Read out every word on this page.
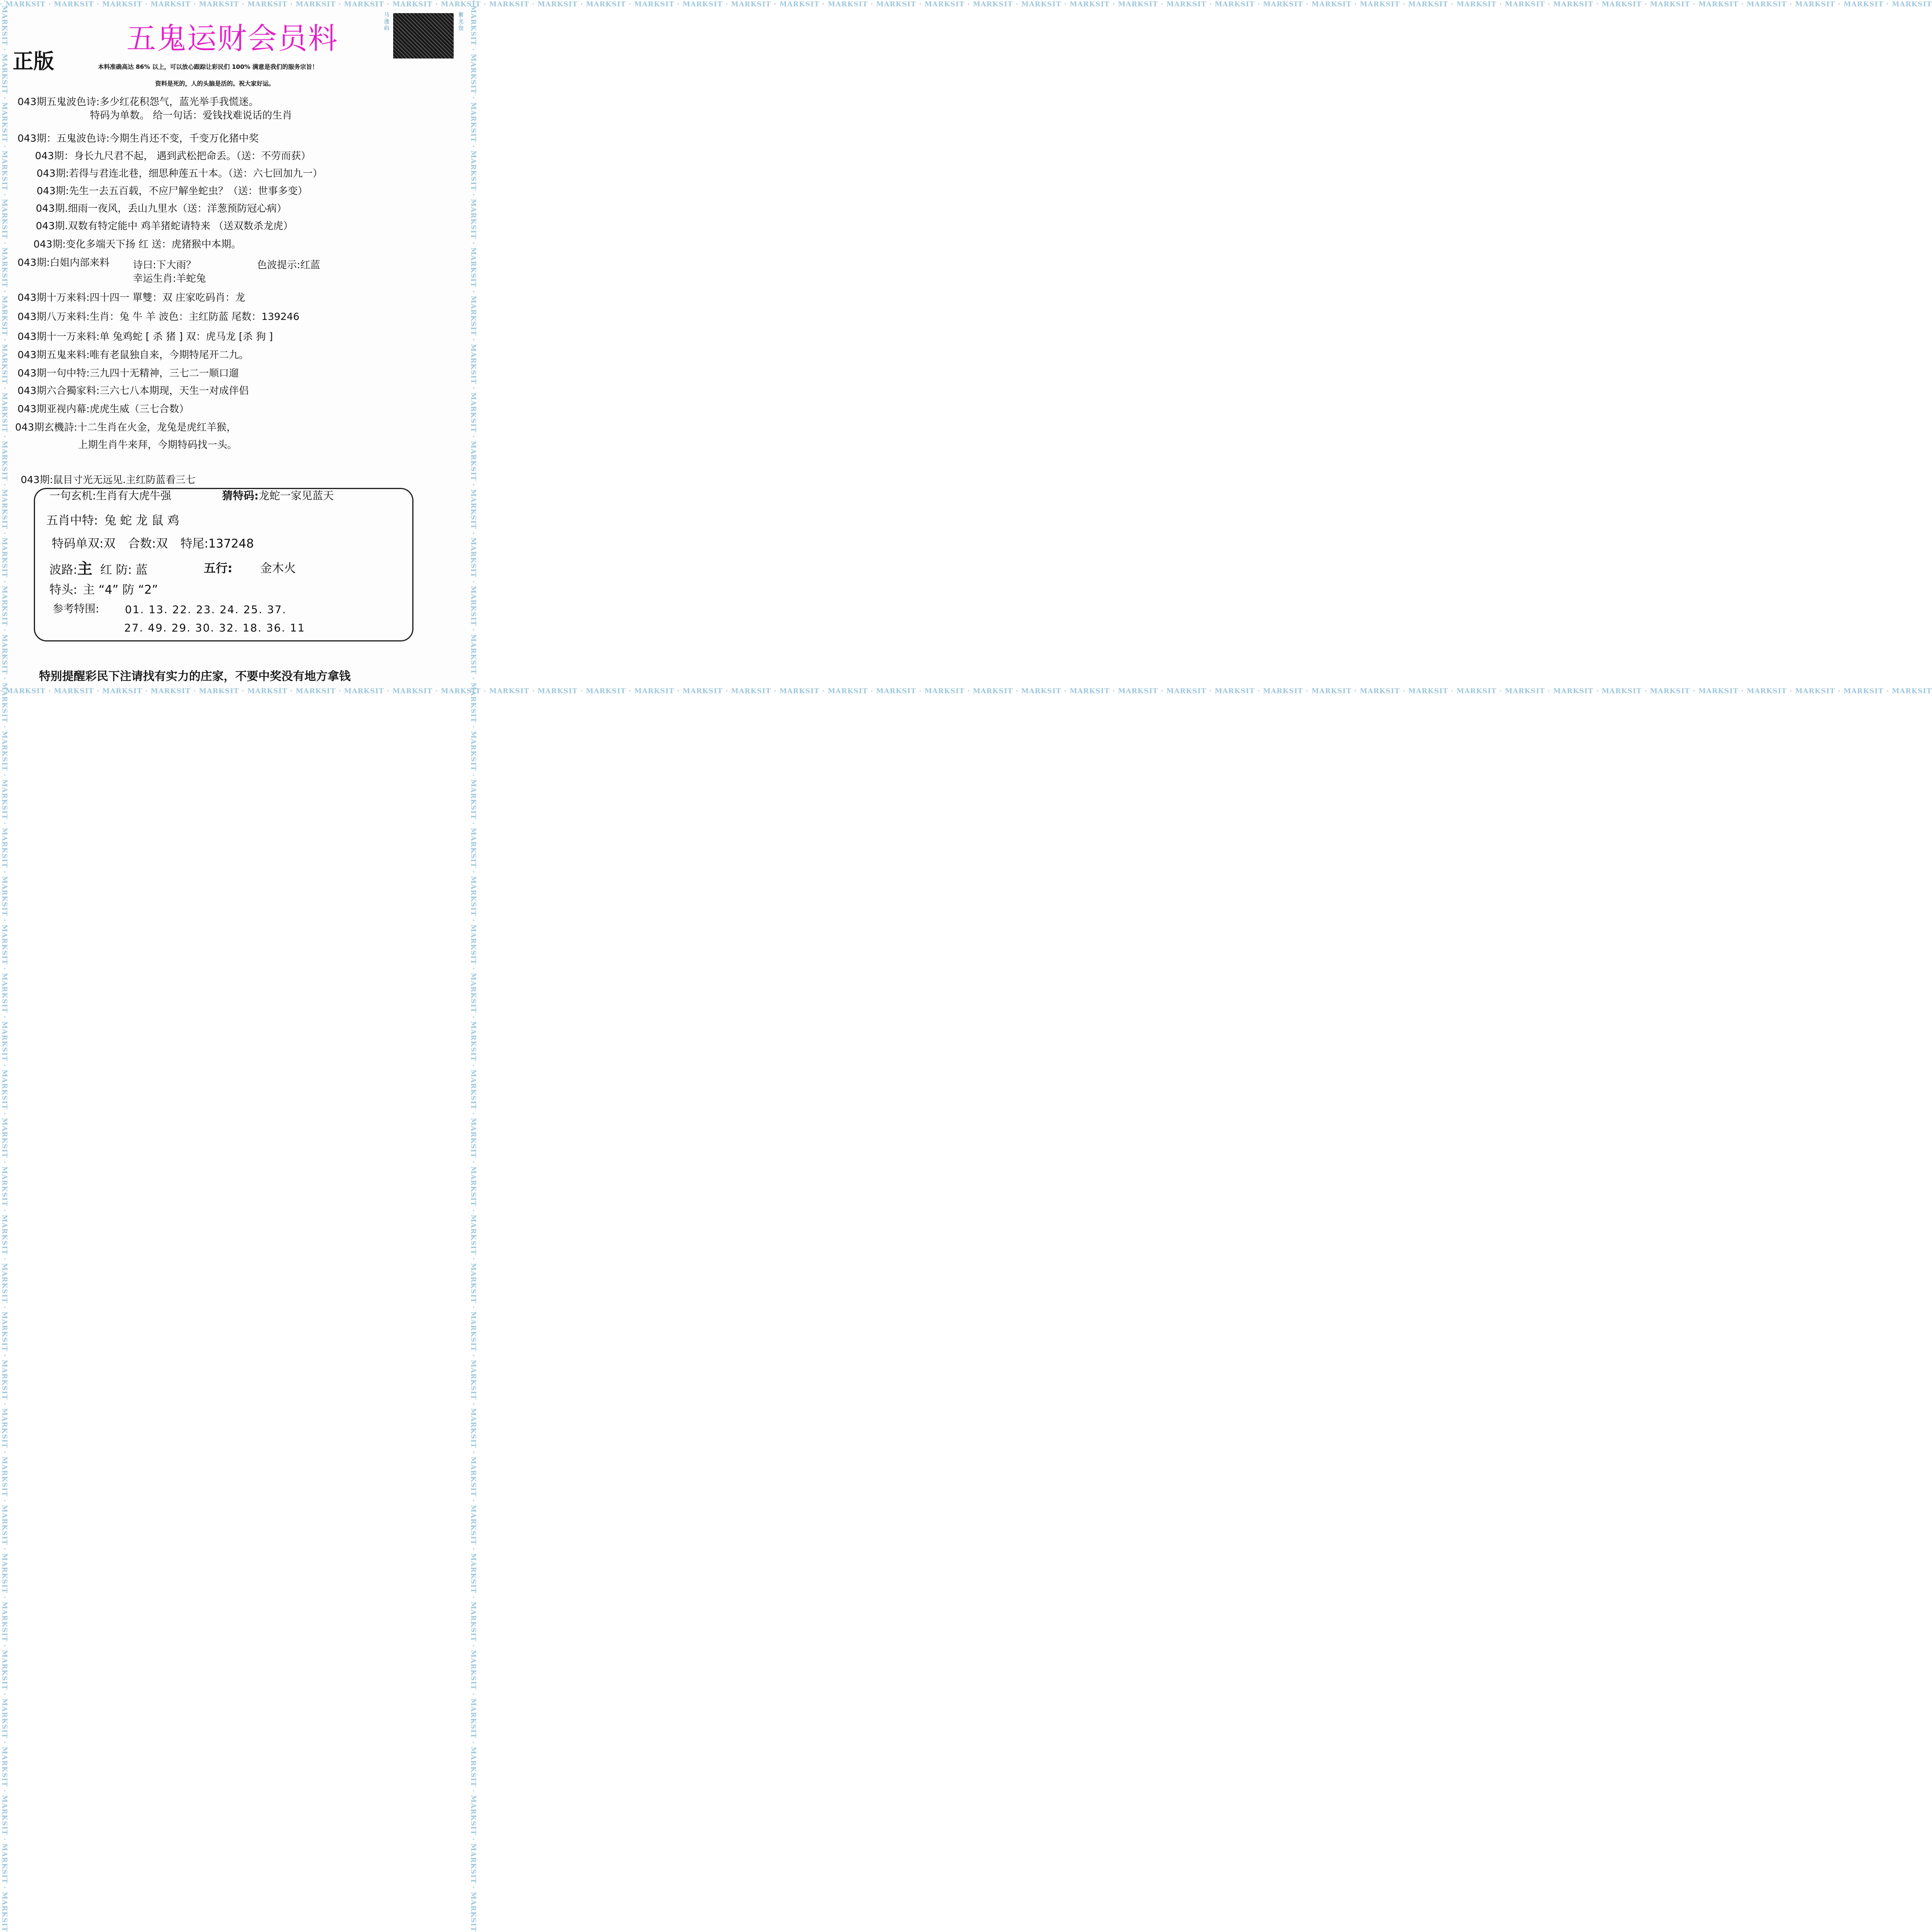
· MARKSIT · MARKSIT · MARKSIT · MARKSIT · MARKSIT · MARKSIT · MARKSIT · MARKSIT · MARKSIT · MARKSIT · MARKSIT · MARKSIT · MARKSIT · MARKSIT · MARKSIT · MARKSIT · MARKSIT · MARKSIT · MARKSIT · MARKSIT · MARKSIT · MARKSIT · MARKSIT · MARKSIT · MARKSIT · MARKSIT · MARKSIT · MARKSIT · MARKSIT · MARKSIT · MARKSIT · MARKSIT · MARKSIT · MARKSIT · MARKSIT · MARKSIT · MARKSIT · MARKSIT · MARKSIT · MARKSIT
· MARKSIT · MARKSIT · MARKSIT · MARKSIT · MARKSIT · MARKSIT · MARKSIT · MARKSIT · MARKSIT · MARKSIT · MARKSIT · MARKSIT · MARKSIT · MARKSIT · MARKSIT · MARKSIT · MARKSIT · MARKSIT · MARKSIT · MARKSIT · MARKSIT · MARKSIT · MARKSIT · MARKSIT · MARKSIT · MARKSIT · MARKSIT · MARKSIT · MARKSIT · MARKSIT · MARKSIT · MARKSIT · MARKSIT · MARKSIT · MARKSIT · MARKSIT · MARKSIT · MARKSIT · MARKSIT · MARKSIT
· MARKSIT · MARKSIT · MARKSIT · MARKSIT · MARKSIT · MARKSIT · MARKSIT · MARKSIT · MARKSIT · MARKSIT · MARKSIT · MARKSIT · MARKSIT · MARKSIT · MARKSIT · MARKSIT · MARKSIT · MARKSIT · MARKSIT · MARKSIT · MARKSIT · MARKSIT · MARKSIT · MARKSIT · MARKSIT · MARKSIT · MARKSIT · MARKSIT · MARKSIT · MARKSIT · MARKSIT · MARKSIT · MARKSIT · MARKSIT · MARKSIT · MARKSIT · MARKSIT · MARKSIT · MARKSIT · MARKSIT	· MARKSIT · MARKSIT · MARKSIT · MARKSIT · MARKSIT · MARKSIT · MARKSIT · MARKSIT · MARKSIT · MARKSIT · MARKSIT · MARKSIT · MARKSIT · MARKSIT · MARKSIT · MARKSIT · MARKSIT · MARKSIT · MARKSIT · MARKSIT · MARKSIT · MARKSIT · MARKSIT · MARKSIT · MARKSIT · MARKSIT · MARKSIT · MARKSIT · MARKSIT · MARKSIT · MARKSIT · MARKSIT · MARKSIT · MARKSIT · MARKSIT · MARKSIT · MARKSIT · MARKSIT · MARKSIT · MARKSIT
正版
五鬼运财会员料
马·透·码	紫·光·馆
本料准确高达 86% 以上，可以放心跟踪让彩民们 100% 满意是我们的服务宗旨！
资料是死的，人的头脑是活的。祝大家好运。
043期五鬼波色诗:多少红花积怨气，蓝光举手我慌迷。
特码为单数。 给一句话：爱钱找难说话的生肖
043期：五鬼波色诗:今期生肖还不变，千变万化猪中奖
043期：身长九尺君不起， 遇到武松把命丢。（送：不劳而获）
043期:若得与君连北巷，细思种莲五十本。（送：六七回加九一）
043期:先生一去五百载，不应尸解坐蛇虫？（送：世事多变）
043期.细雨一夜风，丢山九里水（送：洋葱预防冠心病）
043期.双数有特定能中 鸡羊猪蛇请特来 （送双数杀龙虎）
043期:变化多端天下扬 红 送：虎猪猴中本期。
043期:白姐内部来料 诗曰:下大雨？	色波提示:红蓝
幸运生肖:羊蛇兔
043期十万来料:四十四一 單雙：双 庄家吃码肖：龙
043期八万来料:生肖：兔 牛 羊 波色：主红防蓝 尾数：139246
043期十一万来料:单 兔鸡蛇 [ 杀 猪 ] 双：虎马龙 [杀 狗 ]
043期五鬼来料:唯有老鼠独自来，今期特尾开二九。
043期一句中特:三九四十无精神，三七二一顺口遛
043期六合獨家料:三六七八本期现，天生一对成伴侣
043期亚视内幕:虎虎生威（三七合数）
043期玄機詩:十二生肖在火金，龙兔是虎红羊猴，
上期生肖牛来拜，今期特码找一头。
043期:鼠目寸光无远见.主红防蓝看三七
一句玄机:生肖有大虎牛强	猜特码:龙蛇一家见蓝天
五肖中特: 兔 蛇 龙 鼠 鸡
特码单双:双 合数:双 特尾:137248
波路:主 红 防: 蓝	五行: 金木火
特头: 主 “4” 防 “2”
参考特围: 01. 13. 22. 23. 24. 25. 37.
27. 49. 29. 30. 32. 18. 36. 11
特别提醒彩民下注请找有实力的庄家，不要中奖没有地方拿钱
